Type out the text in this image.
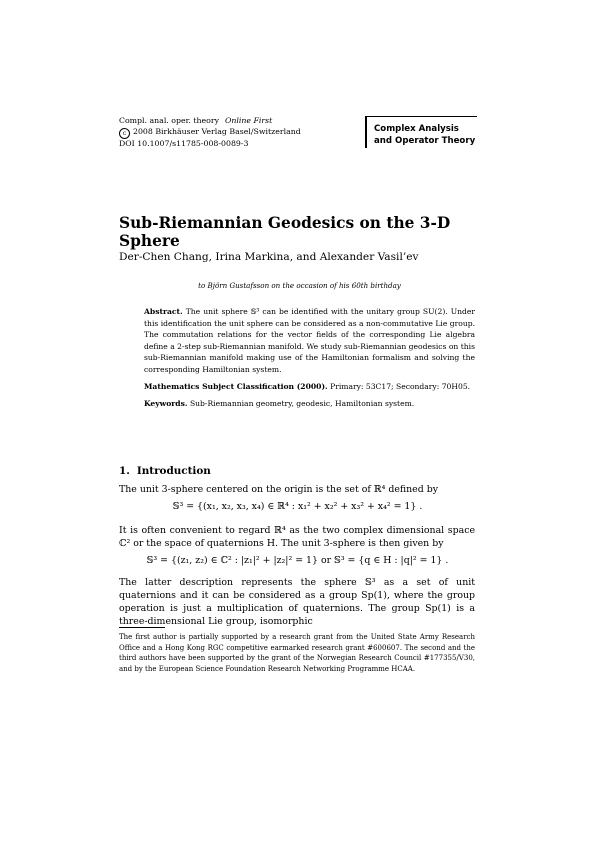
Compl. anal. oper. theory Online First
c 2008 Birkhäuser Verlag Basel/Switzerland
DOI 10.1007/s11785-008-0089-3
Complex Analysis
and Operator Theory
Sub-Riemannian Geodesics on the 3-D Sphere
Der-Chen Chang, Irina Markina, and Alexander Vasil’ev
to Björn Gustafsson on the occasion of his 60th birthday

Abstract. The unit sphere 𝕊³ can be identified with the unitary group SU(2). Under this identification the unit sphere can be considered as a non-commutative Lie group. The commutation relations for the vector fields of the corresponding Lie algebra define a 2-step sub-Riemannian manifold. We study sub-Riemannian geodesics on this sub-Riemannian manifold making use of the Hamiltonian formalism and solving the corresponding Hamiltonian system.

Mathematics Subject Classification (2000). Primary: 53C17; Secondary: 70H05.
Keywords. Sub-Riemannian geometry, geodesic, Hamiltonian system.
1. Introduction
The unit 3-sphere centered on the origin is the set of ℝ⁴ defined by
𝕊³ = {(x₁, x₂, x₃, x₄) ∈ ℝ⁴ : x₁² + x₂² + x₃² + x₄² = 1} .
It is often convenient to regard ℝ⁴ as the two complex dimensional space ℂ² or the space of quaternions H. The unit 3-sphere is then given by
𝕊³ = {(z₁, z₂) ∈ ℂ² : |z₁|² + |z₂|² = 1} or 𝕊³ = {q ∈ H : |q|² = 1} .
The latter description represents the sphere 𝕊³ as a set of unit quaternions and it can be considered as a group Sp(1), where the group operation is just a multiplication of quaternions. The group Sp(1) is a three-dimensional Lie group, isomorphic
The first author is partially supported by a research grant from the United State Army Research Office and a Hong Kong RGC competitive earmarked research grant #600607. The second and the third authors have been supported by the grant of the Norwegian Research Council #177355/V30, and by the European Science Foundation Research Networking Programme HCAA.
